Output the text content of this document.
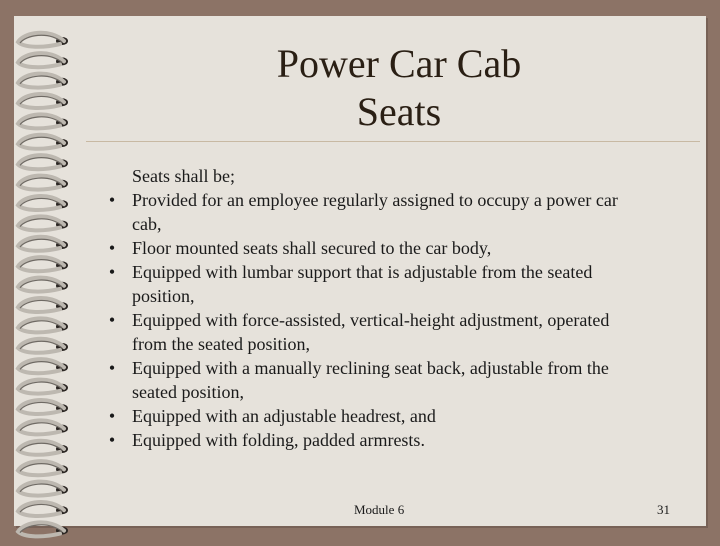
Power Car Cab
Seats
Seats shall be;
• Provided for an employee regularly assigned to occupy a power car
cab,
• Floor mounted seats shall secured to the car body,
• Equipped with lumbar support that is adjustable from the seated
position,
• Equipped with force-assisted, vertical-height adjustment, operated
from the seated position,
• Equipped with a manually reclining seat back, adjustable from the
seated position,
• Equipped with an adjustable headrest, and
• Equipped with folding, padded armrests.
Module 6	31
